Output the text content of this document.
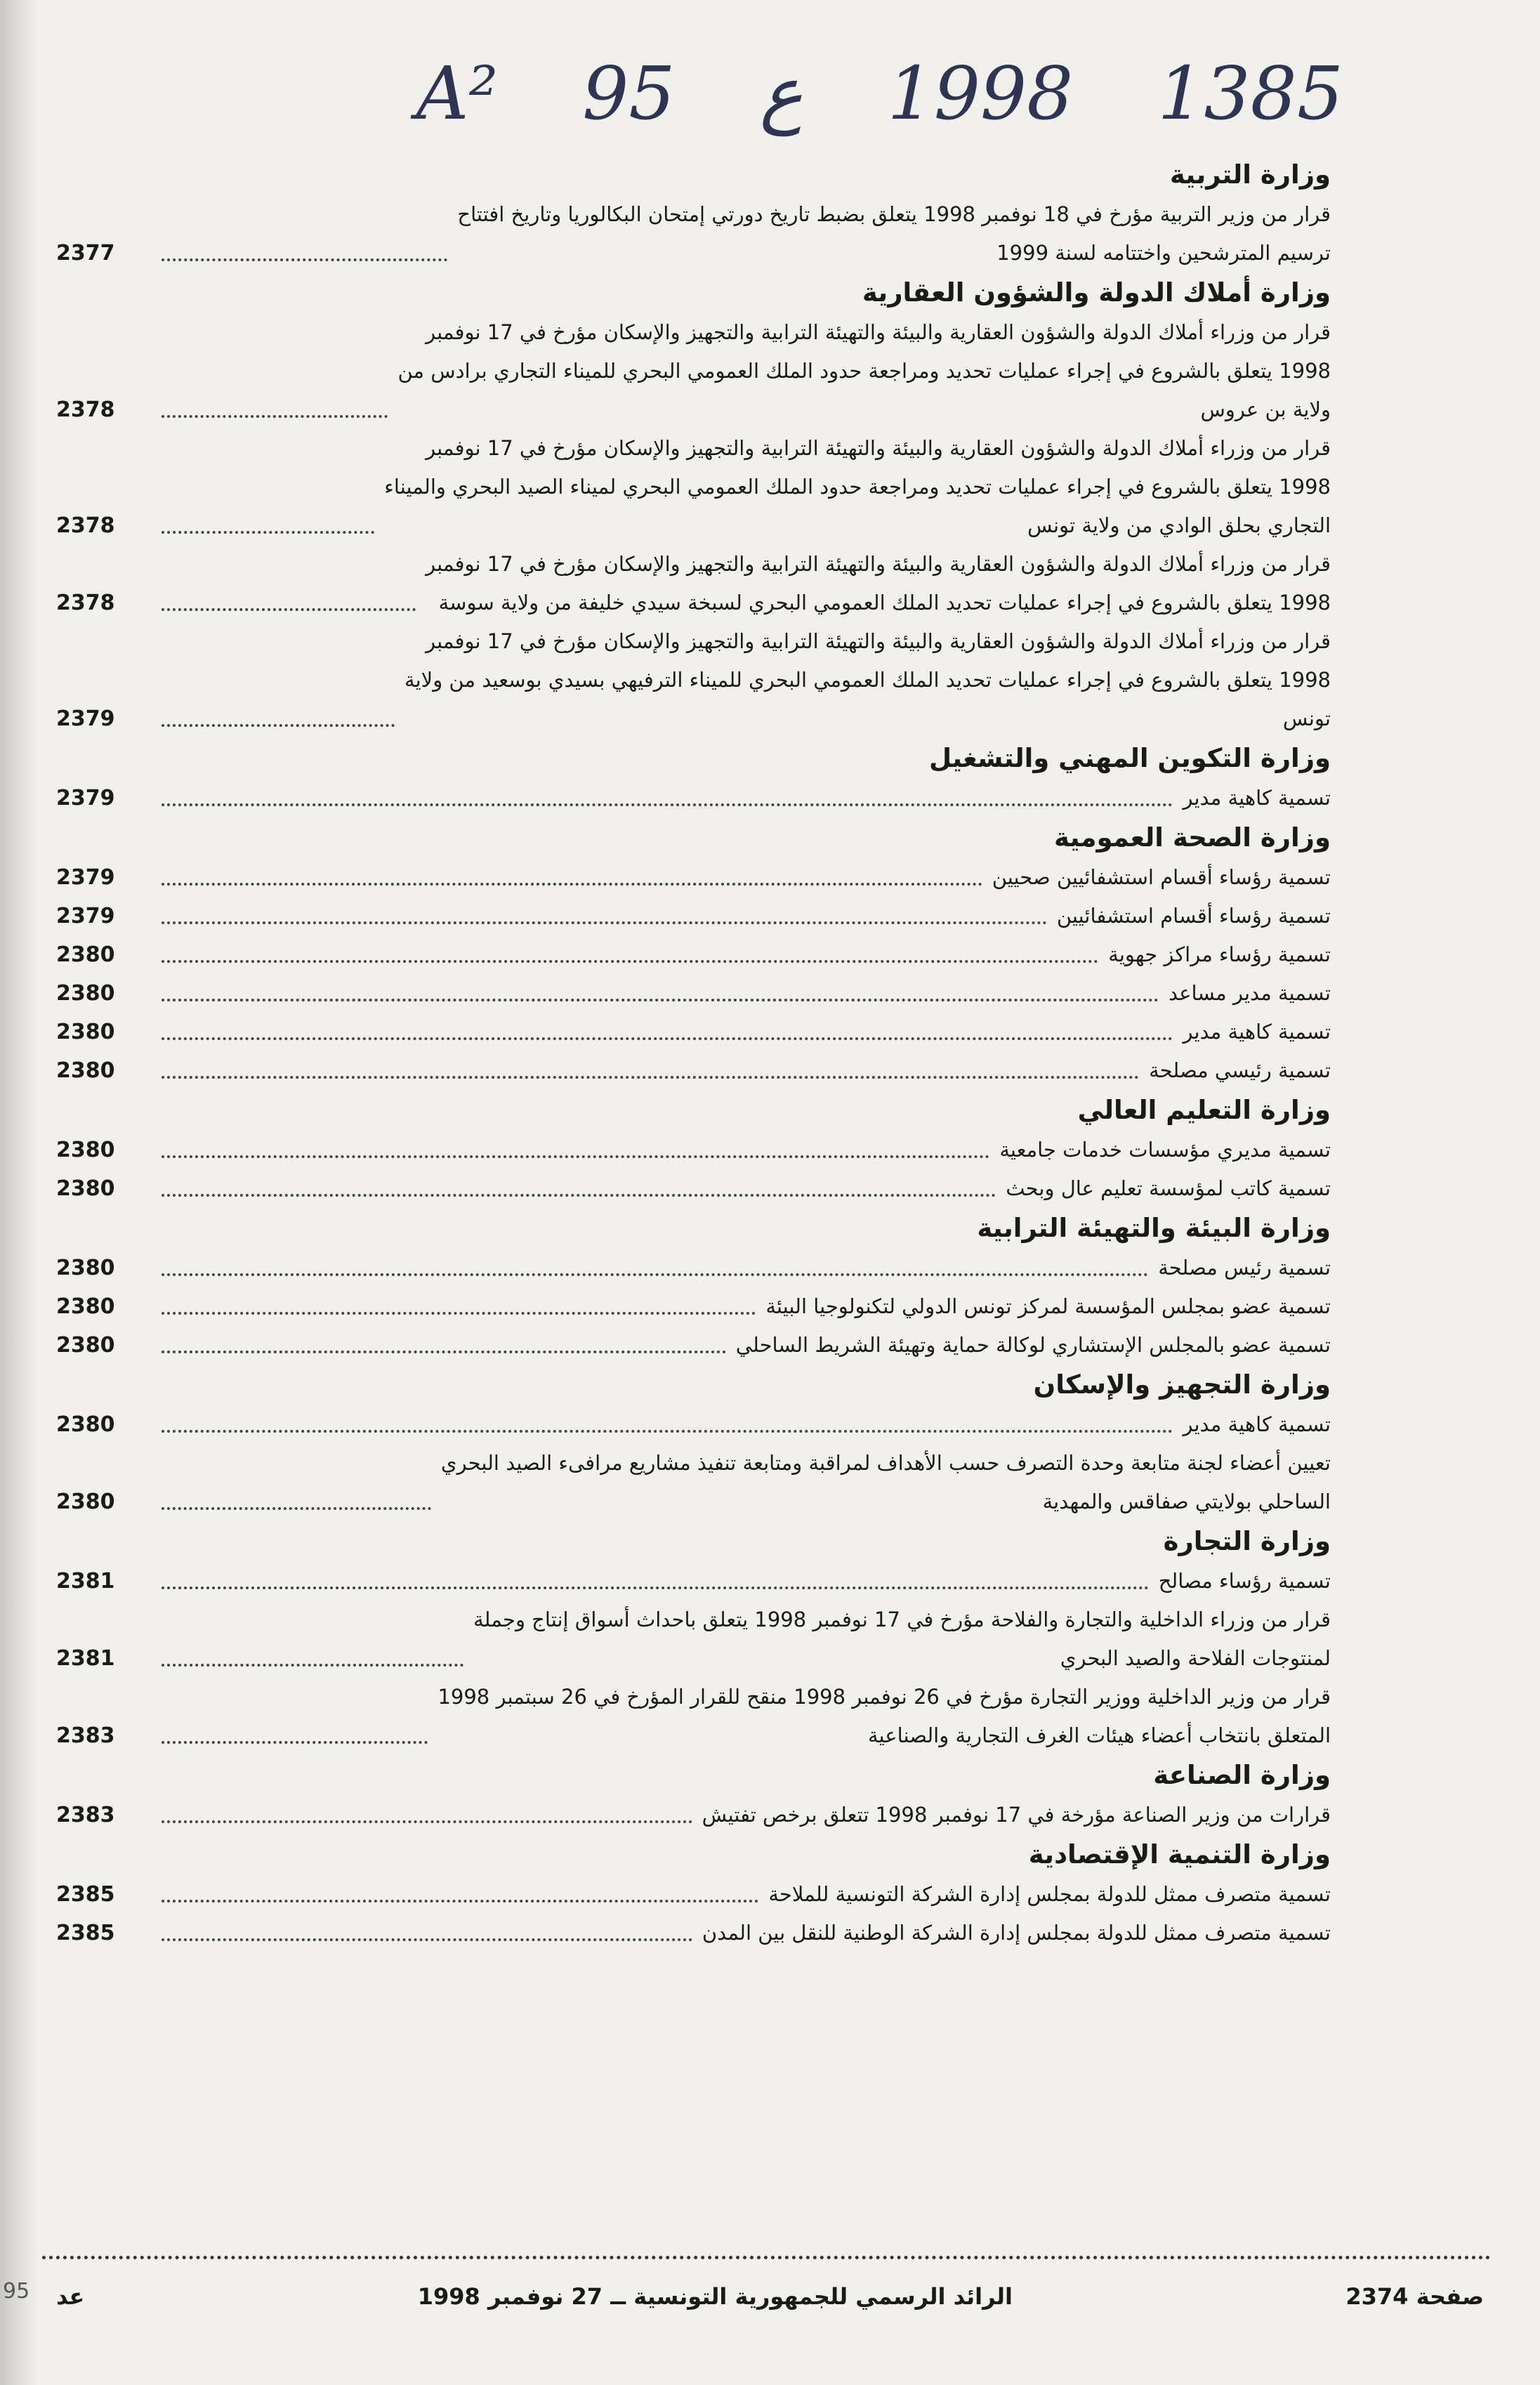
95
A² 95 ع 1998 1385
وزارة التربية
قرار من وزير التربية مؤرخ في 18 نوفمبر 1998 يتعلق بضبط تاريخ دورتي إمتحان البكالوريا وتاريخ افتتاح
ترسيم المترشحين واختتامه لسنة 1999
2377
وزارة أملاك الدولة والشؤون العقارية
قرار من وزراء أملاك الدولة والشؤون العقارية والبيئة والتهيئة الترابية والتجهيز والإسكان مؤرخ في 17 نوفمبر
1998 يتعلق بالشروع في إجراء عمليات تحديد ومراجعة حدود الملك العمومي البحري للميناء التجاري برادس من
ولاية بن عروس
2378
قرار من وزراء أملاك الدولة والشؤون العقارية والبيئة والتهيئة الترابية والتجهيز والإسكان مؤرخ في 17 نوفمبر
1998 يتعلق بالشروع في إجراء عمليات تحديد ومراجعة حدود الملك العمومي البحري لميناء الصيد البحري والميناء
التجاري بحلق الوادي من ولاية تونس
2378
قرار من وزراء أملاك الدولة والشؤون العقارية والبيئة والتهيئة الترابية والتجهيز والإسكان مؤرخ في 17 نوفمبر
1998 يتعلق بالشروع في إجراء عمليات تحديد الملك العمومي البحري لسبخة سيدي خليفة من ولاية سوسة
2378
قرار من وزراء أملاك الدولة والشؤون العقارية والبيئة والتهيئة الترابية والتجهيز والإسكان مؤرخ في 17 نوفمبر
1998 يتعلق بالشروع في إجراء عمليات تحديد الملك العمومي البحري للميناء الترفيهي بسيدي بوسعيد من ولاية
تونس
2379
وزارة التكوين المهني والتشغيل
تسمية كاهية مدير
2379
وزارة الصحة العمومية
تسمية رؤساء أقسام استشفائيين صحيين
2379
تسمية رؤساء أقسام استشفائيين
2379
تسمية رؤساء مراكز جهوية
2380
تسمية مدير مساعد
2380
تسمية كاهية مدير
2380
تسمية رئيسي مصلحة
2380
وزارة التعليم العالي
تسمية مديري مؤسسات خدمات جامعية
2380
تسمية كاتب لمؤسسة تعليم عال وبحث
2380
وزارة البيئة والتهيئة الترابية
تسمية رئيس مصلحة
2380
تسمية عضو بمجلس المؤسسة لمركز تونس الدولي لتكنولوجيا البيئة
2380
تسمية عضو بالمجلس الإستشاري لوكالة حماية وتهيئة الشريط الساحلي
2380
وزارة التجهيز والإسكان
تسمية كاهية مدير
2380
تعيين أعضاء لجنة متابعة وحدة التصرف حسب الأهداف لمراقبة ومتابعة تنفيذ مشاريع مرافىء الصيد البحري
الساحلي بولايتي صفاقس والمهدية
2380
وزارة التجارة
تسمية رؤساء مصالح
2381
قرار من وزراء الداخلية والتجارة والفلاحة مؤرخ في 17 نوفمبر 1998 يتعلق باحداث أسواق إنتاج وجملة
لمنتوجات الفلاحة والصيد البحري
2381
قرار من وزير الداخلية ووزير التجارة مؤرخ في 26 نوفمبر 1998 منقح للقرار المؤرخ في 26 سبتمبر 1998
المتعلق بانتخاب أعضاء هيئات الغرف التجارية والصناعية
2383
وزارة الصناعة
قرارات من وزير الصناعة مؤرخة في 17 نوفمبر 1998 تتعلق برخص تفتيش
2383
وزارة التنمية الإقتصادية
تسمية متصرف ممثل للدولة بمجلس إدارة الشركة التونسية للملاحة
2385
تسمية متصرف ممثل للدولة بمجلس إدارة الشركة الوطنية للنقل بين المدن
2385
صفحة 2374
الرائد الرسمي للجمهورية التونسية ــ 27 نوفمبر 1998
عد
